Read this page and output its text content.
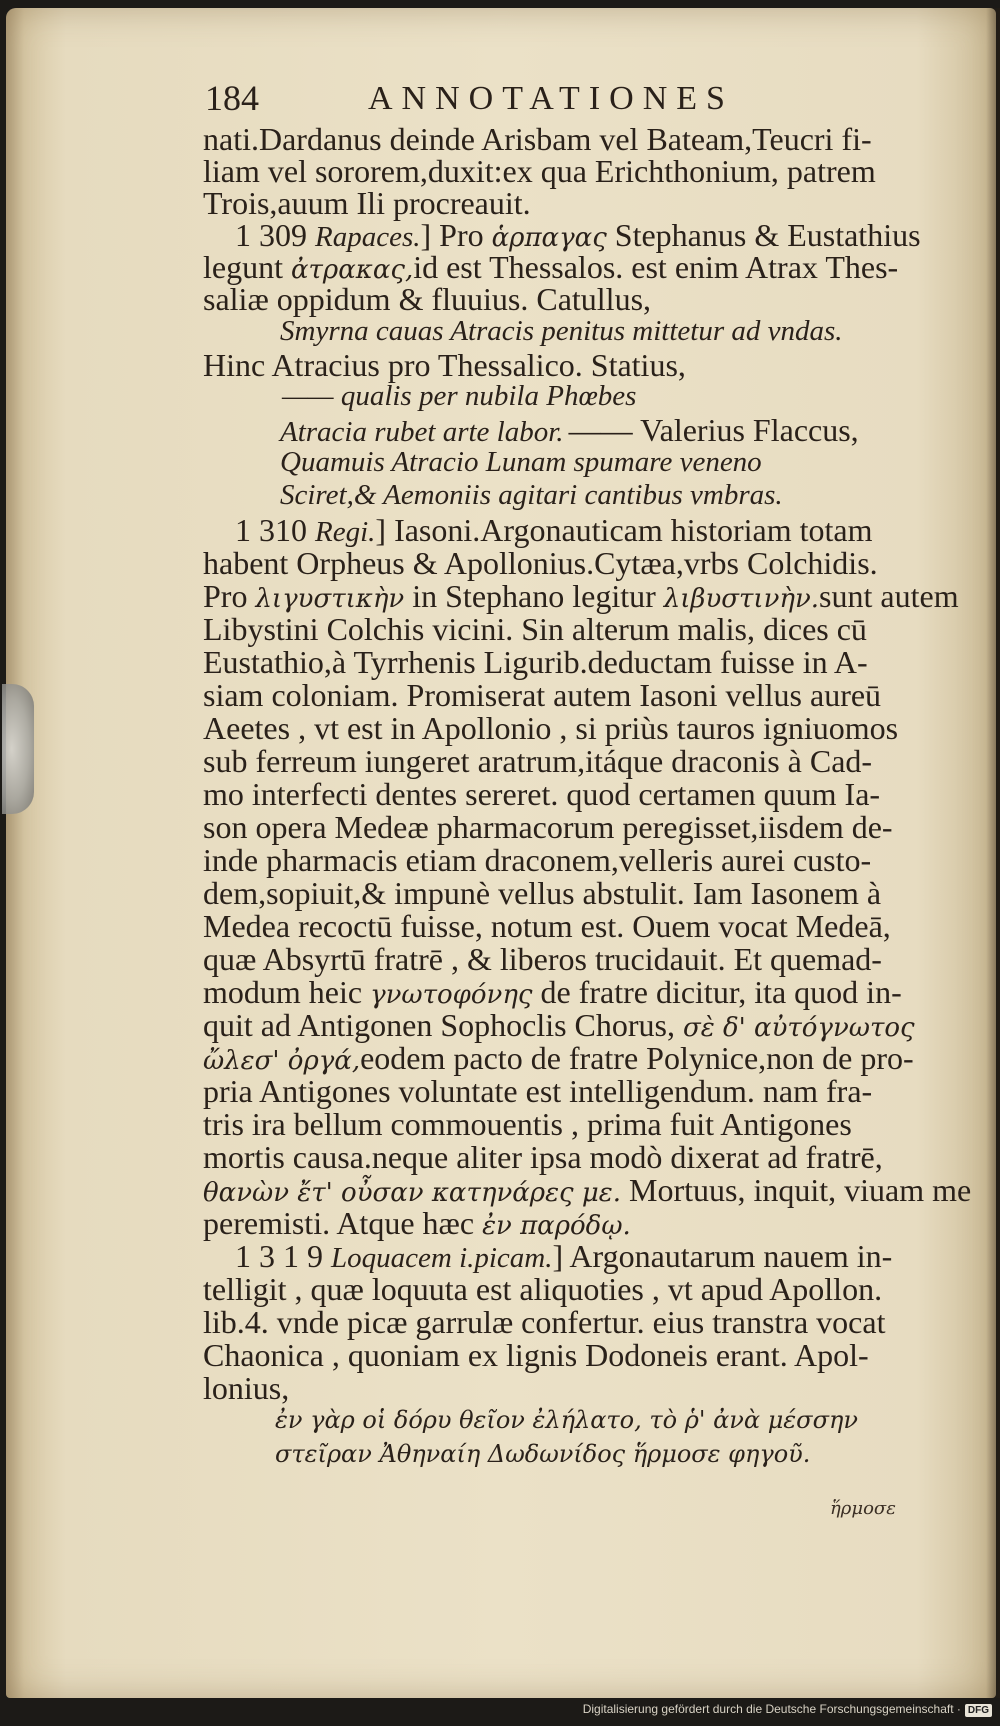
184	ANNOTATIONES
nati.Dardanus deinde Arisbam vel Bateam,Teucri fi-
liam vel sororem,duxit:ex qua Erichthonium, patrem
Trois,auum Ili procreauit.
1 309 Rapaces.] Pro ἁρπαγας Stephanus & Eustathius
legunt ἀτρακας,id est Thessalos. est enim Atrax Thes-
saliæ oppidum & fluuius. Catullus,
Smyrna cauas Atracis penitus mittetur ad vndas.
Hinc Atracius pro Thessalico. Statius,
—— qualis per nubila Phœbes
Atracia rubet arte labor. —— Valerius Flaccus,
Quamuis Atracio Lunam spumare veneno
Sciret,& Aemoniis agitari cantibus vmbras.
1 310 Regi.] Iasoni.Argonauticam historiam totam
habent Orpheus & Apollonius.Cytæa,vrbs Colchidis.
Pro λιγυστικὴν in Stephano legitur λιβυστινὴν.sunt autem
Libystini Colchis vicini. Sin alterum malis, dices cū
Eustathio,à Tyrrhenis Ligurib.deductam fuisse in A-
siam coloniam. Promiserat autem Iasoni vellus aureū
Aeetes , vt est in Apollonio , si priùs tauros igniuomos
sub ferreum iungeret aratrum,itáque draconis à Cad-
mo interfecti dentes sereret. quod certamen quum Ia-
son opera Medeæ pharmacorum peregisset,iisdem de-
inde pharmacis etiam draconem,velleris aurei custo-
dem,sopiuit,& impunè vellus abstulit. Iam Iasonem à
Medea recoctū fuisse, notum est. Ouem vocat Medeā,
quæ Absyrtū fratrē , & liberos trucidauit. Et quemad-
modum heic γνωτοφόνης de fratre dicitur, ita quod in-
quit ad Antigonen Sophoclis Chorus, σὲ δ' αὐτόγνωτος
ὤλεσ' ὀργά,eodem pacto de fratre Polynice,non de pro-
pria Antigones voluntate est intelligendum. nam fra-
tris ira bellum commouentis , prima fuit Antigones
mortis causa.neque aliter ipsa modò dixerat ad fratrē,
θανὼν ἔτ' οὖσαν κατηνάρες με. Mortuus, inquit, viuam me
peremisti. Atque hæc ἐν παρόδῳ.
1 3 1 9 Loquacem i.picam.] Argonautarum nauem in-
telligit , quæ loquuta est aliquoties , vt apud Apollon.
lib.4. vnde picæ garrulæ confertur. eius transtra vocat
Chaonica , quoniam ex lignis Dodoneis erant. Apol-
lonius,
ἐν γὰρ οἱ δόρυ θεῖον ἐλήλατο, τὸ ῥ' ἀνὰ μέσσην
στεῖραν Ἀθηναίη Δωδωνίδος ἥρμοσε φηγοῦ.
ἥρμοσε
Digitalisierung gefördert durch die Deutsche Forschungsgemeinschaft · DFG
